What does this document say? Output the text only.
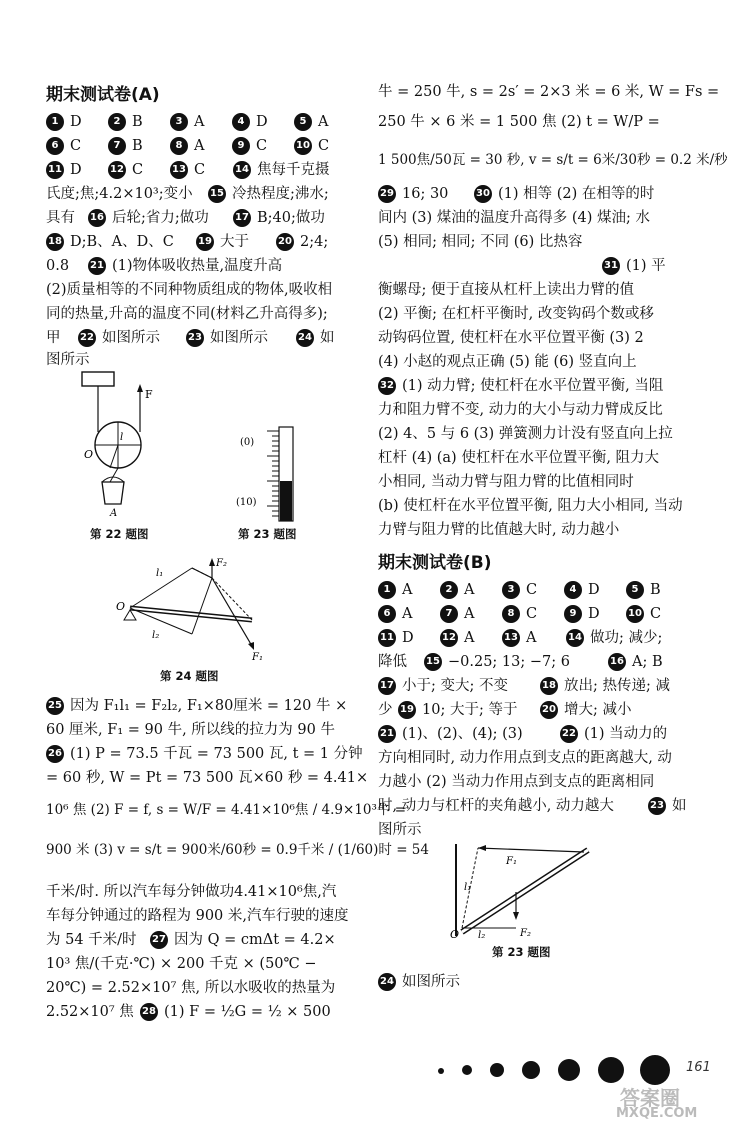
期末测试卷(A)
1 D	2 B	3 A	4 D	5 A
6 C	7 B	8 A	9 C	10 C
11 D	12 C	13 C	14 焦每千克摄
氏度;焦;4.2×10³;变小 15 冷热程度;沸水;
具有 16 后轮;省力;做功	17 B;40;做功
18 D;B、A、D、C 19 大于	20 2;4;
0.8 21 (1)物体吸收热量,温度升高
(2)质量相等的不同种物质组成的物体,吸收相
同的热量,升高的温度不同(材料乙升高得多);
甲 22 如图所示	23 如图所示	24 如
图所示
F
l
O
A
第 22 题图
(0)
(10)
第 23 题图
F₂
l₁
O
l₂
F₁
第 24 题图
25 因为 F₁l₁ = F₂l₂, F₁×80厘米 = 120 牛 ×
60 厘米, F₁ = 90 牛, 所以线的拉力为 90 牛
26 (1) P = 73.5 千瓦 = 73 500 瓦, t = 1 分钟
= 60 秒, W = Pt = 73 500 瓦×60 秒 = 4.41×
10⁶ 焦 (2) F = f, s = W/F = 4.41×10⁶焦 / 4.9×10³牛 =
900 米 (3) v = s/t = 900米/60秒 = 0.9千米 / (1/60)时 = 54
千米/时. 所以汽车每分钟做功4.41×10⁶焦,汽
车每分钟通过的路程为 900 米,汽车行驶的速度
为 54 千米/时 27 因为 Q = cmΔt = 4.2×
10³ 焦/(千克·℃) × 200 千克 × (50℃ −
20℃) = 2.52×10⁷ 焦, 所以水吸收的热量为
2.52×10⁷ 焦 28 (1) F = ½G = ½ × 500
牛 = 250 牛, s = 2s′ = 2×3 米 = 6 米, W = Fs =
250 牛 × 6 米 = 1 500 焦 (2) t = W/P =
1 500焦/50瓦 = 30 秒, v = s/t = 6米/30秒 = 0.2 米/秒
29 16; 30	30 (1) 相等 (2) 在相等的时
间内 (3) 煤油的温度升高得多 (4) 煤油; 水
(5) 相同; 相同; 不同 (6) 比热容
31 (1) 平
衡螺母; 便于直接从杠杆上读出力臂的值
(2) 平衡; 在杠杆平衡时, 改变钩码个数或移
动钩码位置, 使杠杆在水平位置平衡 (3) 2
(4) 小赵的观点正确 (5) 能 (6) 竖直向上
32 (1) 动力臂; 使杠杆在水平位置平衡, 当阻
力和阻力臂不变, 动力的大小与动力臂成反比
(2) 4、5 与 6 (3) 弹簧测力计没有竖直向上拉
杠杆 (4) (a) 使杠杆在水平位置平衡, 阻力大
小相同, 当动力臂与阻力臂的比值相同时
(b) 使杠杆在水平位置平衡, 阻力大小相同, 当动
力臂与阻力臂的比值越大时, 动力越小
期末测试卷(B)
1 A	2 A	3 C	4 D	5 B
6 A	7 A	8 C	9 D	10 C
11 D	12 A	13 A	14 做功; 减少;
降低 15 −0.25; 13; −7; 6	16 A; B
17 小于; 变大; 不变	18 放出; 热传递; 减
少 19 10; 大于; 等于 20 增大; 减小
21 (1)、(2)、(4); (3)	22 (1) 当动力的
方向相同时, 动力作用点到支点的距离越大, 动
力越小 (2) 当动力作用点到支点的距离相同
时, 动力与杠杆的夹角越小, 动力越大	23 如
图所示
F₁
l₁
O l₂	F₂
第 23 题图
24 如图所示
161
答案圈
MXQE.COM
